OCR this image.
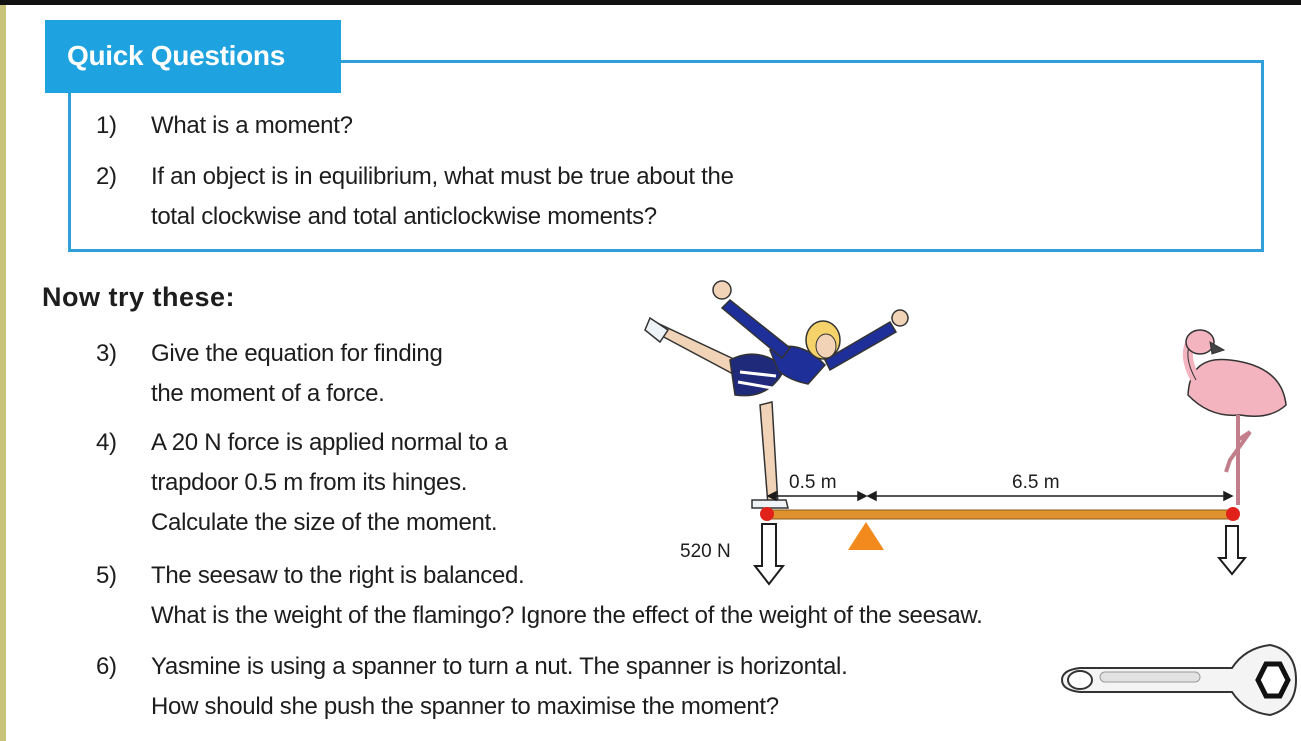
Quick Questions
1) What is a moment?
2) If an object is in equilibrium, what must be true about the
total clockwise and total anticlockwise moments?
Now try these:
3) Give the equation for finding
the moment of a force.
4) A 20 N force is applied normal to a
trapdoor 0.5 m from its hinges.
Calculate the size of the moment.
5) The seesaw to the right is balanced.
What is the weight of the flamingo? Ignore the effect of the weight of the seesaw.
6) Yasmine is using a spanner to turn a nut. The spanner is horizontal.
How should she push the spanner to maximise the moment?
0.5 m	6.5 m
520 N
